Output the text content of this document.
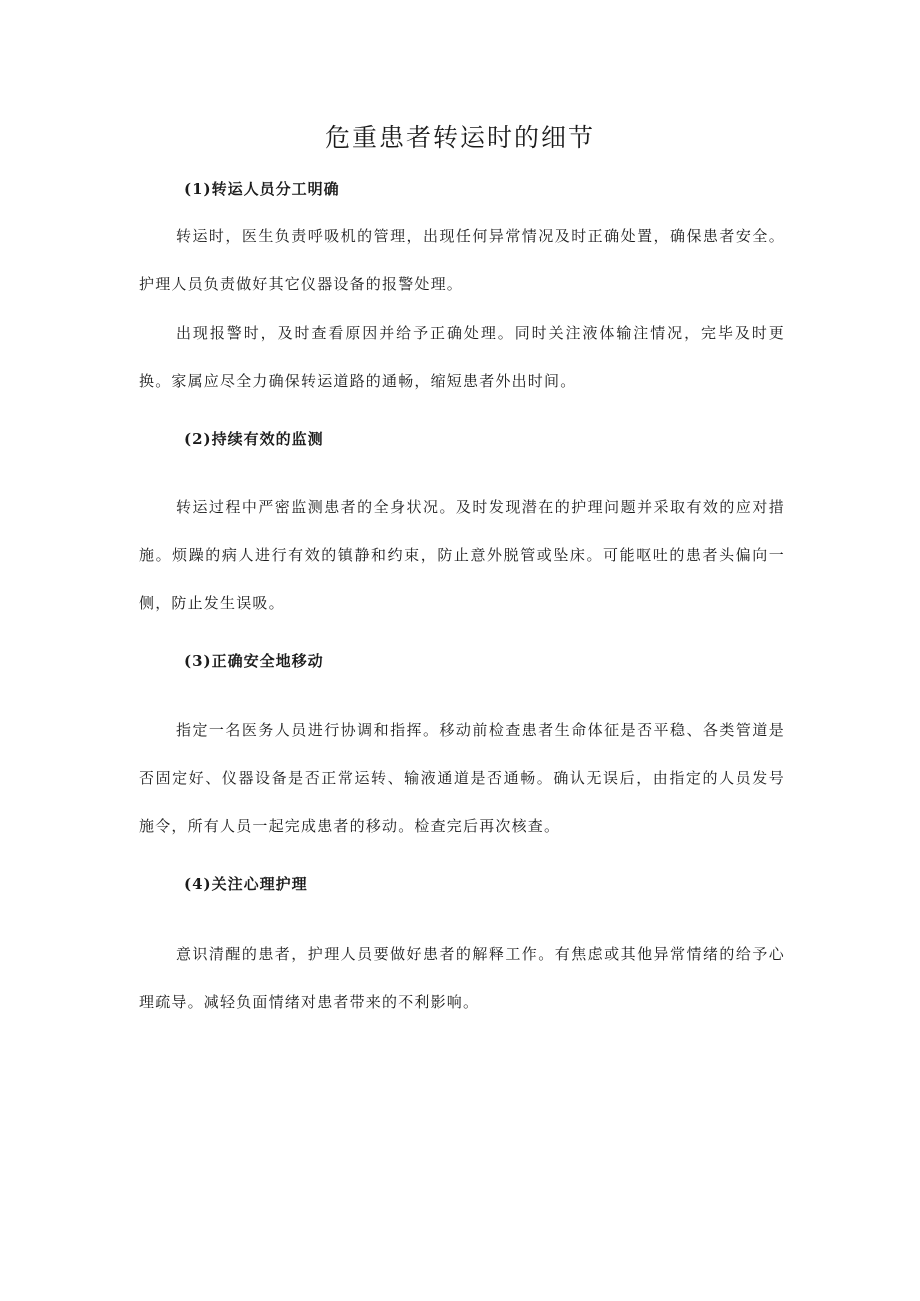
危重患者转运时的细节
(1)转运人员分工明确

转运时，医生负责呼吸机的管理，出现任何异常情况及时正确处置，确保患者安全。护理人员负责做好其它仪器设备的报警处理。

出现报警时，及时查看原因并给予正确处理。同时关注液体输注情况，完毕及时更换。家属应尽全力确保转运道路的通畅，缩短患者外出时间。

(2)持续有效的监测

转运过程中严密监测患者的全身状况。及时发现潜在的护理问题并采取有效的应对措施。烦躁的病人进行有效的镇静和约束，防止意外脱管或坠床。可能呕吐的患者头偏向一侧，防止发生误吸。

(3)正确安全地移动

指定一名医务人员进行协调和指挥。移动前检查患者生命体征是否平稳、各类管道是否固定好、仪器设备是否正常运转、输液通道是否通畅。确认无误后，由指定的人员发号施令，所有人员一起完成患者的移动。检查完后再次核查。

(4)关注心理护理

意识清醒的患者，护理人员要做好患者的解释工作。有焦虑或其他异常情绪的给予心理疏导。减轻负面情绪对患者带来的不利影响。
